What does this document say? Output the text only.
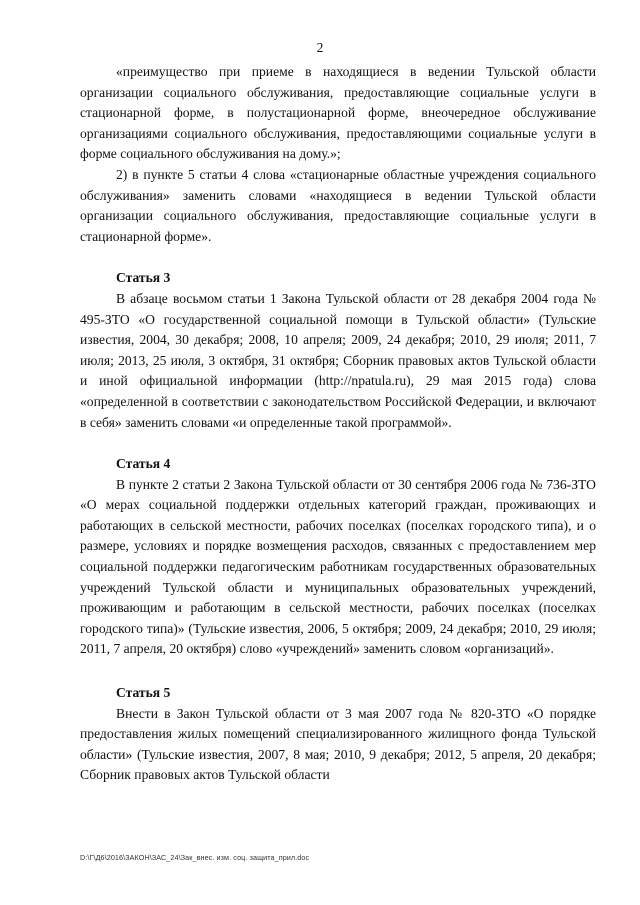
2

«преимущество при приеме в находящиеся в ведении Тульской области организации социального обслуживания, предоставляющие социальные услуги в стационарной форме, в полустационарной форме, внеочередное обслуживание организациями социального обслуживания, предоставляющими социальные услуги в форме социального обслуживания на дому.»;

2) в пункте 5 статьи 4 слова «стационарные областные учреждения социального обслуживания» заменить словами «находящиеся в ведении Тульской области организации социального обслуживания, предоставляющие социальные услуги в стационарной форме».

Статья 3

В абзаце восьмом статьи 1 Закона Тульской области от 28 декабря 2004 года № 495-ЗТО «О государственной социальной помощи в Тульской области» (Тульские известия, 2004, 30 декабря; 2008, 10 апреля; 2009, 24 декабря; 2010, 29 июля; 2011, 7 июля; 2013, 25 июля, 3 октября, 31 октября; Сборник правовых актов Тульской области и иной официальной информации (http://npatula.ru), 29 мая 2015 года) слова «определенной в соответствии с законодательством Российской Федерации, и включают в себя» заменить словами «и определенные такой программой».

Статья 4

В пункте 2 статьи 2 Закона Тульской области от 30 сентября 2006 года № 736-ЗТО «О мерах социальной поддержки отдельных категорий граждан, проживающих и работающих в сельской местности, рабочих поселках (поселках городского типа), и о размере, условиях и порядке возмещения расходов, связанных с предоставлением мер социальной поддержки педагогическим работникам государственных образовательных учреждений Тульской области и муниципальных образовательных учреждений, проживающим и работающим в сельской местности, рабочих поселках (поселках городского типа)» (Тульские известия, 2006, 5 октября; 2009, 24 декабря; 2010, 29 июля; 2011, 7 апреля, 20 октября) слово «учреждений» заменить словом «организаций».

Статья 5

Внести в Закон Тульской области от 3 мая 2007 года № 820-ЗТО «О порядке предоставления жилых помещений специализированного жилищного фонда Тульской области» (Тульские известия, 2007, 8 мая; 2010, 9 декабря; 2012, 5 апреля, 20 декабря; Сборник правовых актов Тульской области

D:\Г\Д6\2016\ЗАКОН\ЗАС_24\Зак_внес. изм. соц. защита_прил.doc
